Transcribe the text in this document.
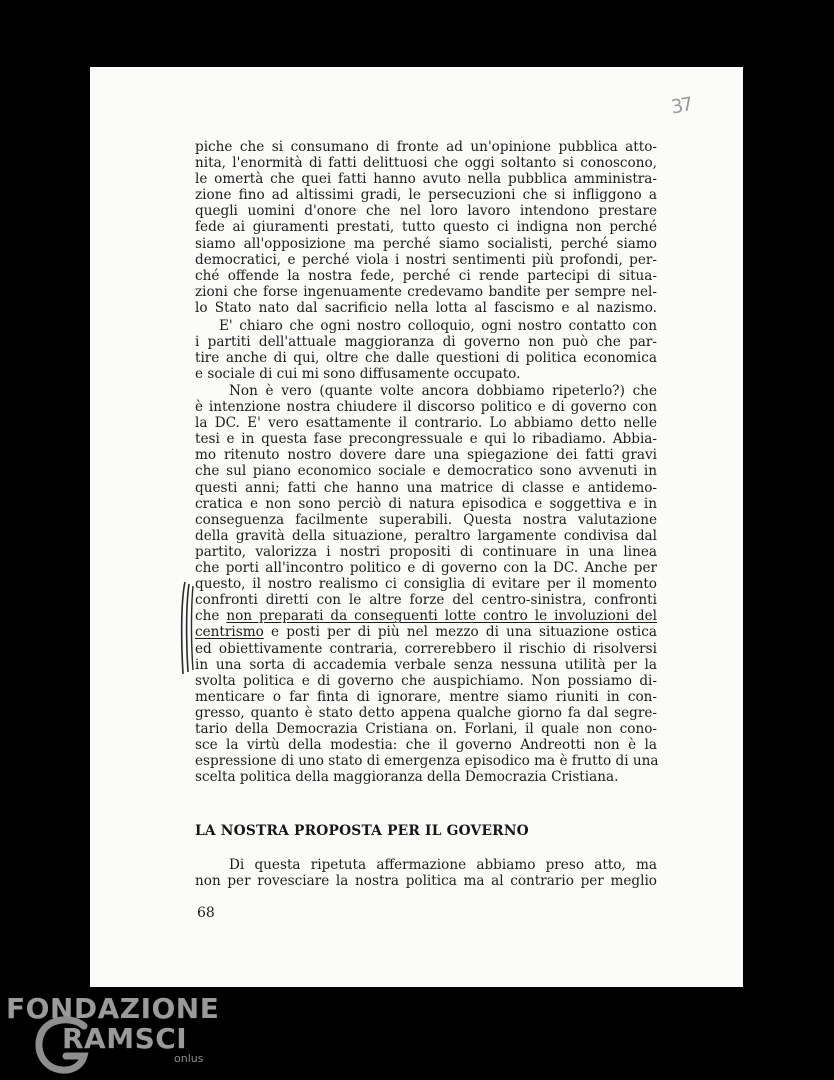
37

piche che si consumano di fronte ad un'opinione pubblica atto-
nita, l'enormità di fatti delittuosi che oggi soltanto si conoscono,
le omertà che quei fatti hanno avuto nella pubblica amministra-
zione fino ad altissimi gradi, le persecuzioni che si infliggono a
quegli uomini d'onore che nel loro lavoro intendono prestare
fede ai giuramenti prestati, tutto questo ci indigna non perché
siamo all'opposizione ma perché siamo socialisti, perché siamo
democratici, e perché viola i nostri sentimenti più profondi, per-
ché offende la nostra fede, perché ci rende partecipi di situa-
zioni che forse ingenuamente credevamo bandite per sempre nel-
lo Stato nato dal sacrificio nella lotta al fascismo e al nazismo.

E' chiaro che ogni nostro colloquio, ogni nostro contatto con
i partiti dell'attuale maggioranza di governo non può che par-
tire anche di qui, oltre che dalle questioni di politica economica
e sociale di cui mi sono diffusamente occupato.

Non è vero (quante volte ancora dobbiamo ripeterlo?) che
è intenzione nostra chiudere il discorso politico e di governo con
la DC. E' vero esattamente il contrario. Lo abbiamo detto nelle
tesi e in questa fase precongressuale e qui lo ribadiamo. Abbia-
mo ritenuto nostro dovere dare una spiegazione dei fatti gravi
che sul piano economico sociale e democratico sono avvenuti in
questi anni; fatti che hanno una matrice di classe e antidemo-
cratica e non sono perciò di natura episodica e soggettiva e in
conseguenza facilmente superabili. Questa nostra valutazione
della gravità della situazione, peraltro largamente condivisa dal
partito, valorizza i nostri propositi di continuare in una linea
che porti all'incontro politico e di governo con la DC. Anche per
questo, il nostro realismo ci consiglia di evitare per il momento
confronti diretti con le altre forze del centro-sinistra, confronti
che non preparati da conseguenti lotte contro le involuzioni del
centrismo e posti per di più nel mezzo di una situazione ostica
ed obiettivamente contraria, correrebbero il rischio di risolversi
in una sorta di accademia verbale senza nessuna utilità per la
svolta politica e di governo che auspichiamo. Non possiamo di-
menticare o far finta di ignorare, mentre siamo riuniti in con-
gresso, quanto è stato detto appena qualche giorno fa dal segre-
tario della Democrazia Cristiana on. Forlani, il quale non cono-
sce la virtù della modestia: che il governo Andreotti non è la
espressione di uno stato di emergenza episodico ma è frutto di una
scelta politica della maggioranza della Democrazia Cristiana.

LA NOSTRA PROPOSTA PER IL GOVERNO

Di questa ripetuta affermazione abbiamo preso atto, ma
non per rovesciare la nostra politica ma al contrario per meglio

68

FONDAZIONE
RAMSCI
onlus
